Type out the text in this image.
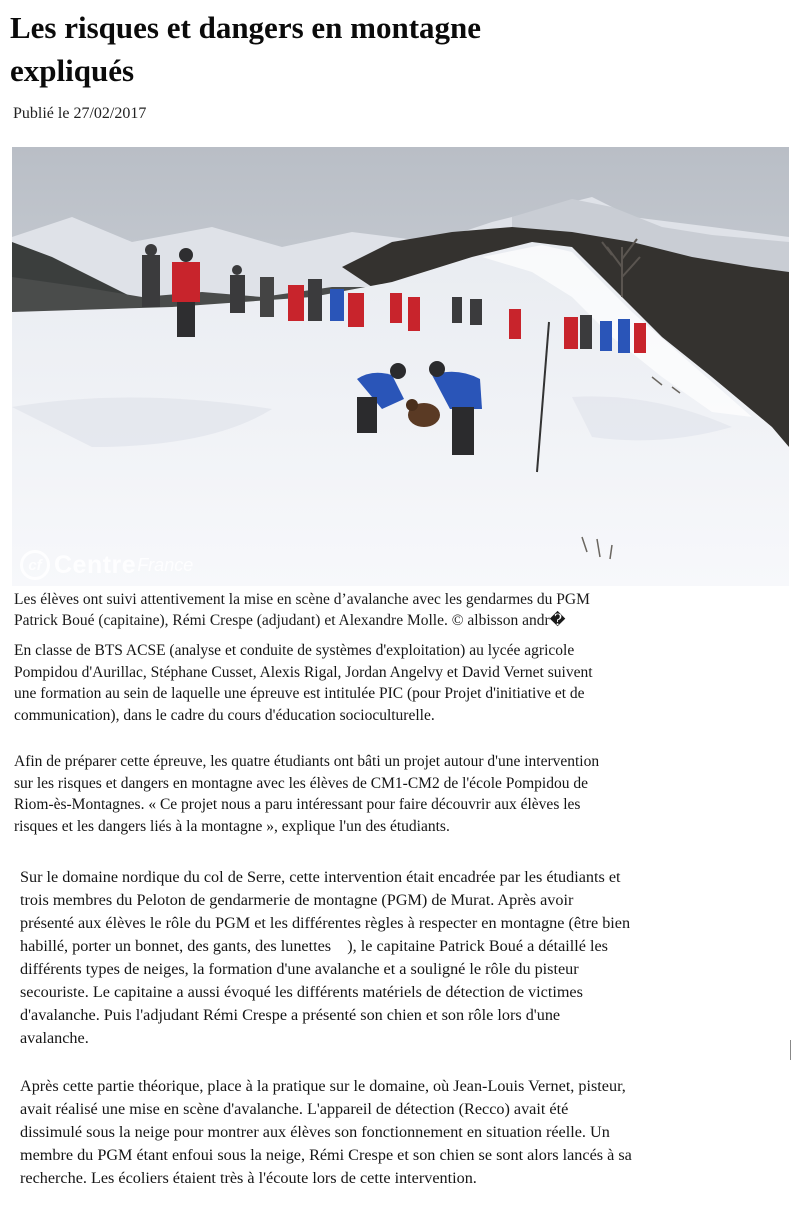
Les risques et dangers en montagne
expliqués
Publié le 27/02/2017
cf Centre France
Les élèves ont suivi attentivement la mise en scène d’avalanche avec les gendarmes du PGM
Patrick Boué (capitaine), Rémi Crespe (adjudant) et Alexandre Molle. © albisson andr�

En classe de BTS ACSE (analyse et conduite de systèmes d'exploitation) au lycée agricole
Pompidou d'Aurillac, Stéphane Cusset, Alexis Rigal, Jordan Angelvy et David Vernet suivent
une formation au sein de laquelle une épreuve est intitulée PIC (pour Projet d'initiative et de
communication), dans le cadre du cours d'éducation socioculturelle.

Afin de préparer cette épreuve, les quatre étudiants ont bâti un projet autour d'une intervention
sur les risques et dangers en montagne avec les élèves de CM1-CM2 de l'école Pompidou de
Riom-ès-Montagnes. « Ce projet nous a paru intéressant pour faire découvrir aux élèves les
risques et les dangers liés à la montagne », explique l'un des étudiants.

Sur le domaine nordique du col de Serre, cette intervention était encadrée par les étudiants et
trois membres du Peloton de gendarmerie de montagne (PGM) de Murat. Après avoir
présenté aux élèves le rôle du PGM et les différentes règles à respecter en montagne (être bien
habillé, porter un bonnet, des gants, des lunettes    ), le capitaine Patrick Boué a détaillé les
différents types de neiges, la formation d'une avalanche et a souligné le rôle du pisteur
secouriste. Le capitaine a aussi évoqué les différents matériels de détection de victimes
d'avalanche. Puis l'adjudant Rémi Crespe a présenté son chien et son rôle lors d'une
avalanche.

Après cette partie théorique, place à la pratique sur le domaine, où Jean-Louis Vernet, pisteur,
avait réalisé une mise en scène d'avalanche. L'appareil de détection (Recco) avait été
dissimulé sous la neige pour montrer aux élèves son fonctionnement en situation réelle. Un
membre du PGM étant enfoui sous la neige, Rémi Crespe et son chien se sont alors lancés à sa
recherche. Les écoliers étaient très à l'écoute lors de cette intervention.
